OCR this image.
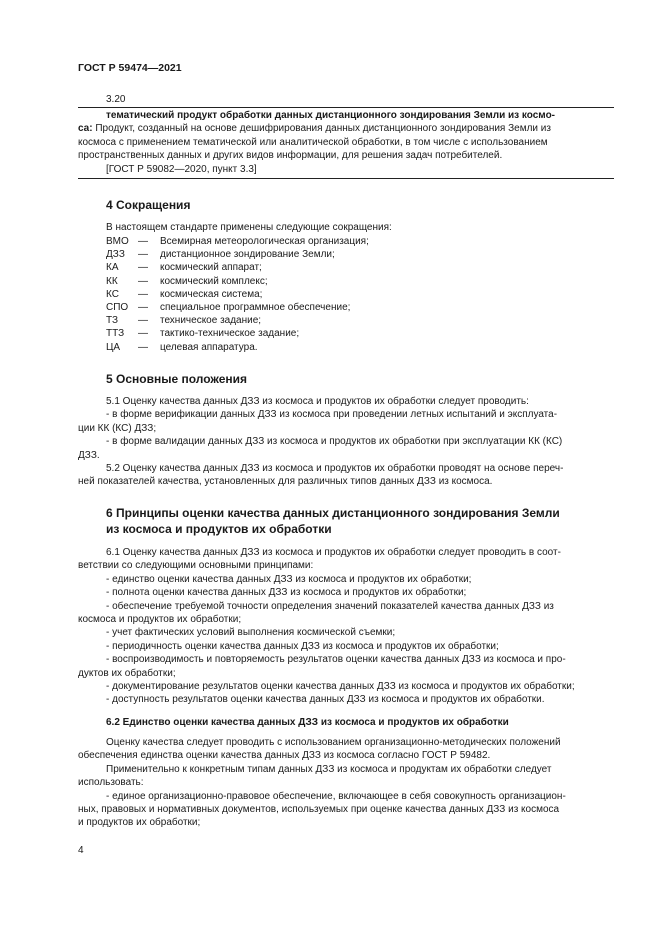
ГОСТ Р 59474—2021

3.20

тематический продукт обработки данных дистанционного зондирования Земли из космо-

са: Продукт, созданный на основе дешифрирования данных дистанционного зондирования Земли из

космоса с применением тематической или аналитической обработки, в том числе с использованием

пространственных данных и других видов информации, для решения задач потребителей.

[ГОСТ Р 59082—2020, пункт 3.3]

4 Сокращения

В настоящем стандарте применены следующие сокращения:

ВМО —	Всемирная метеорологическая организация;
ДЗЗ	—	дистанционное зондирование Земли;
КА	—	космический аппарат;
КК	—	космический комплекс;
КС	—	космическая система;
СПО —	специальное программное обеспечение;
ТЗ	—	техническое задание;
ТТЗ	—	тактико-техническое задание;
ЦА	—	целевая аппаратура.

5 Основные положения

5.1 Оценку качества данных ДЗЗ из космоса и продуктов их обработки следует проводить:

- в форме верификации данных ДЗЗ из космоса при проведении летных испытаний и эксплуата-

ции КК (КС) ДЗЗ;

- в форме валидации данных ДЗЗ из космоса и продуктов их обработки при эксплуатации КК (КС)

ДЗЗ.

5.2 Оценку качества данных ДЗЗ из космоса и продуктов их обработки проводят на основе переч-

ней показателей качества, установленных для различных типов данных ДЗЗ из космоса.

6 Принципы оценки качества данных дистанционного зондирования Земли

из космоса и продуктов их обработки

6.1 Оценку качества данных ДЗЗ из космоса и продуктов их обработки следует проводить в соот-

ветствии со следующими основными принципами:

- единство оценки качества данных ДЗЗ из космоса и продуктов их обработки;

- полнота оценки качества данных ДЗЗ из космоса и продуктов их обработки;

- обеспечение требуемой точности определения значений показателей качества данных ДЗЗ из

космоса и продуктов их обработки;

- учет фактических условий выполнения космической съемки;

- периодичность оценки качества данных ДЗЗ из космоса и продуктов их обработки;

- воспроизводимость и повторяемость результатов оценки качества данных ДЗЗ из космоса и про-

дуктов их обработки;

- документирование результатов оценки качества данных ДЗЗ из космоса и продуктов их обработки;

- доступность результатов оценки качества данных ДЗЗ из космоса и продуктов их обработки.

6.2 Единство оценки качества данных ДЗЗ из космоса и продуктов их обработки

Оценку качества следует проводить с использованием организационно-методических положений

обеспечения единства оценки качества данных ДЗЗ из космоса согласно ГОСТ Р 59482.

Применительно к конкретным типам данных ДЗЗ из космоса и продуктам их обработки следует

использовать:

- единое организационно-правовое обеспечение, включающее в себя совокупность организацион-

ных, правовых и нормативных документов, используемых при оценке качества данных ДЗЗ из космоса

и продуктов их обработки;

4
